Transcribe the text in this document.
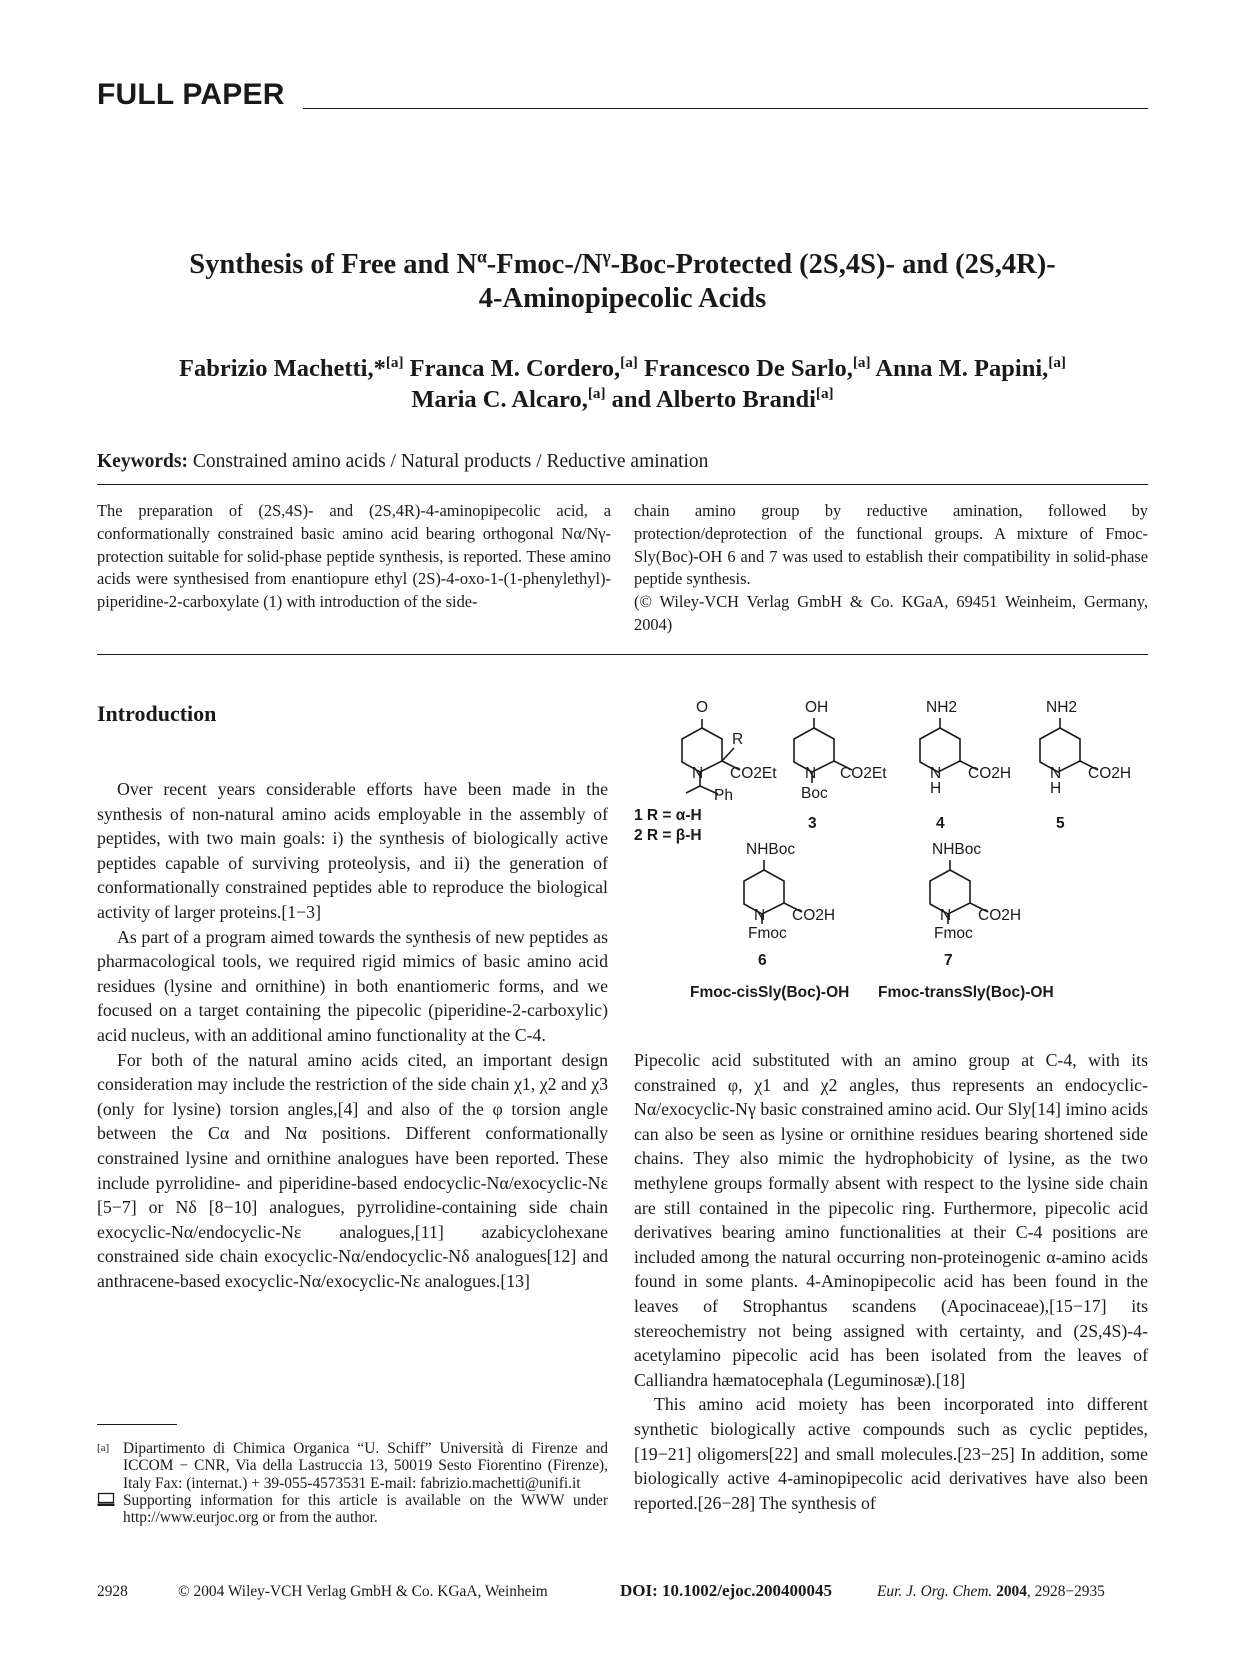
FULL PAPER
Synthesis of Free and $N^\alpha-Fmoc-/N^\gamma-Boc$-Protected (2S,4S)- and (2S,4R)-
4-Aminopipecolic Acids
Fabrizio Machetti,*[a] Franca M. Cordero,[a] Francesco De Sarlo,[a] Anna M. Papini,[a]
Maria C. Alcaro,[a] and Alberto Brandi[a]
Keywords: Constrained amino acids / Natural products / Reductive amination

The preparation of (2S,4S)- and (2S,4R)-4-aminopipecolic acid, a conformationally constrained basic amino acid bearing orthogonal Nα/Nγ-protection suitable for solid-phase peptide synthesis, is reported. These amino acids were synthesised from enantiopure ethyl (2S)-4-oxo-1-(1-phenylethyl)-piperidine-2-carboxylate (1) with introduction of the side-

chain amino group by reductive amination, followed by protection/deprotection of the functional groups. A mixture of Fmoc-Sly(Boc)-OH 6 and 7 was used to establish their compatibility in solid-phase peptide synthesis.

(© Wiley-VCH Verlag GmbH & Co. KGaA, 69451 Weinheim, Germany, 2004)

Introduction

Over recent years considerable efforts have been made in the synthesis of non-natural amino acids employable in the assembly of peptides, with two main goals: i) the synthesis of biologically active peptides capable of surviving proteolysis, and ii) the generation of conformationally constrained peptides able to reproduce the biological activity of larger proteins.[1−3]

As part of a program aimed towards the synthesis of new peptides as pharmacological tools, we required rigid mimics of basic amino acid residues (lysine and ornithine) in both enantiomeric forms, and we focused on a target containing the pipecolic (piperidine-2-carboxylic) acid nucleus, with an additional amino functionality at the C-4.

For both of the natural amino acids cited, an important design consideration may include the restriction of the side chain χ1, χ2 and χ3 (only for lysine) torsion angles,[4] and also of the φ torsion angle between the Cα and Nα positions. Different conformationally constrained lysine and ornithine analogues have been reported. These include pyrrolidine- and piperidine-based endocyclic-Nα/exocyclic-Nε [5−7] or Nδ [8−10] analogues, pyrrolidine-containing side chain exocyclic-Nα/endocyclic-Nε analogues,[11] azabicyclohexane constrained side chain exocyclic-Nα/endocyclic-Nδ analogues[12] and anthracene-based exocyclic-Nα/exocyclic-Nε analogues.[13]

O
R
N CO2Et
Ph
1 R = α-H
2 R = β-H
OH
N CO2Et
Boc
3
NH2
N
H
CO2H
4
NH2
N
H
CO2H
5
NHBoc
N CO2H
Fmoc
6
Fmoc-cisSly(Boc)-OH
NHBoc
N CO2H
Fmoc
7
Fmoc-transSly(Boc)-OH

Pipecolic acid substituted with an amino group at C-4, with its constrained φ, χ1 and χ2 angles, thus represents an endocyclic-Nα/exocyclic-Nγ basic constrained amino acid. Our Sly[14] imino acids can also be seen as lysine or ornithine residues bearing shortened side chains. They also mimic the hydrophobicity of lysine, as the two methylene groups formally absent with respect to the lysine side chain are still contained in the pipecolic ring. Furthermore, pipecolic acid derivatives bearing amino functionalities at their C-4 positions are included among the natural occurring non-proteinogenic α-amino acids found in some plants. 4-Aminopipecolic acid has been found in the leaves of Strophantus scandens (Apocinaceae),[15−17] its stereochemistry not being assigned with certainty, and (2S,4S)-4-acetylamino pipecolic acid has been isolated from the leaves of Calliandra hæmatocephala (Leguminosæ).[18]

This amino acid moiety has been incorporated into different synthetic biologically active compounds such as cyclic peptides,[19−21] oligomers[22] and small molecules.[23−25] In addition, some biologically active 4-aminopipecolic acid derivatives have also been reported.[26−28] The synthesis of

[a] Dipartimento di Chimica Organica “U. Schiff” Università di Firenze and ICCOM − CNR, Via della Lastruccia 13, 50019 Sesto Fiorentino (Firenze), Italy Fax: (internat.) + 39-055-4573531 E-mail: fabrizio.machetti@unifi.it
Supporting information for this article is available on the WWW under http://www.eurjoc.org or from the author.
2928	© 2004 Wiley-VCH Verlag GmbH & Co. KGaA, Weinheim	DOI: 10.1002/ejoc.200400045	Eur. J. Org. Chem. 2004, 2928−2935
